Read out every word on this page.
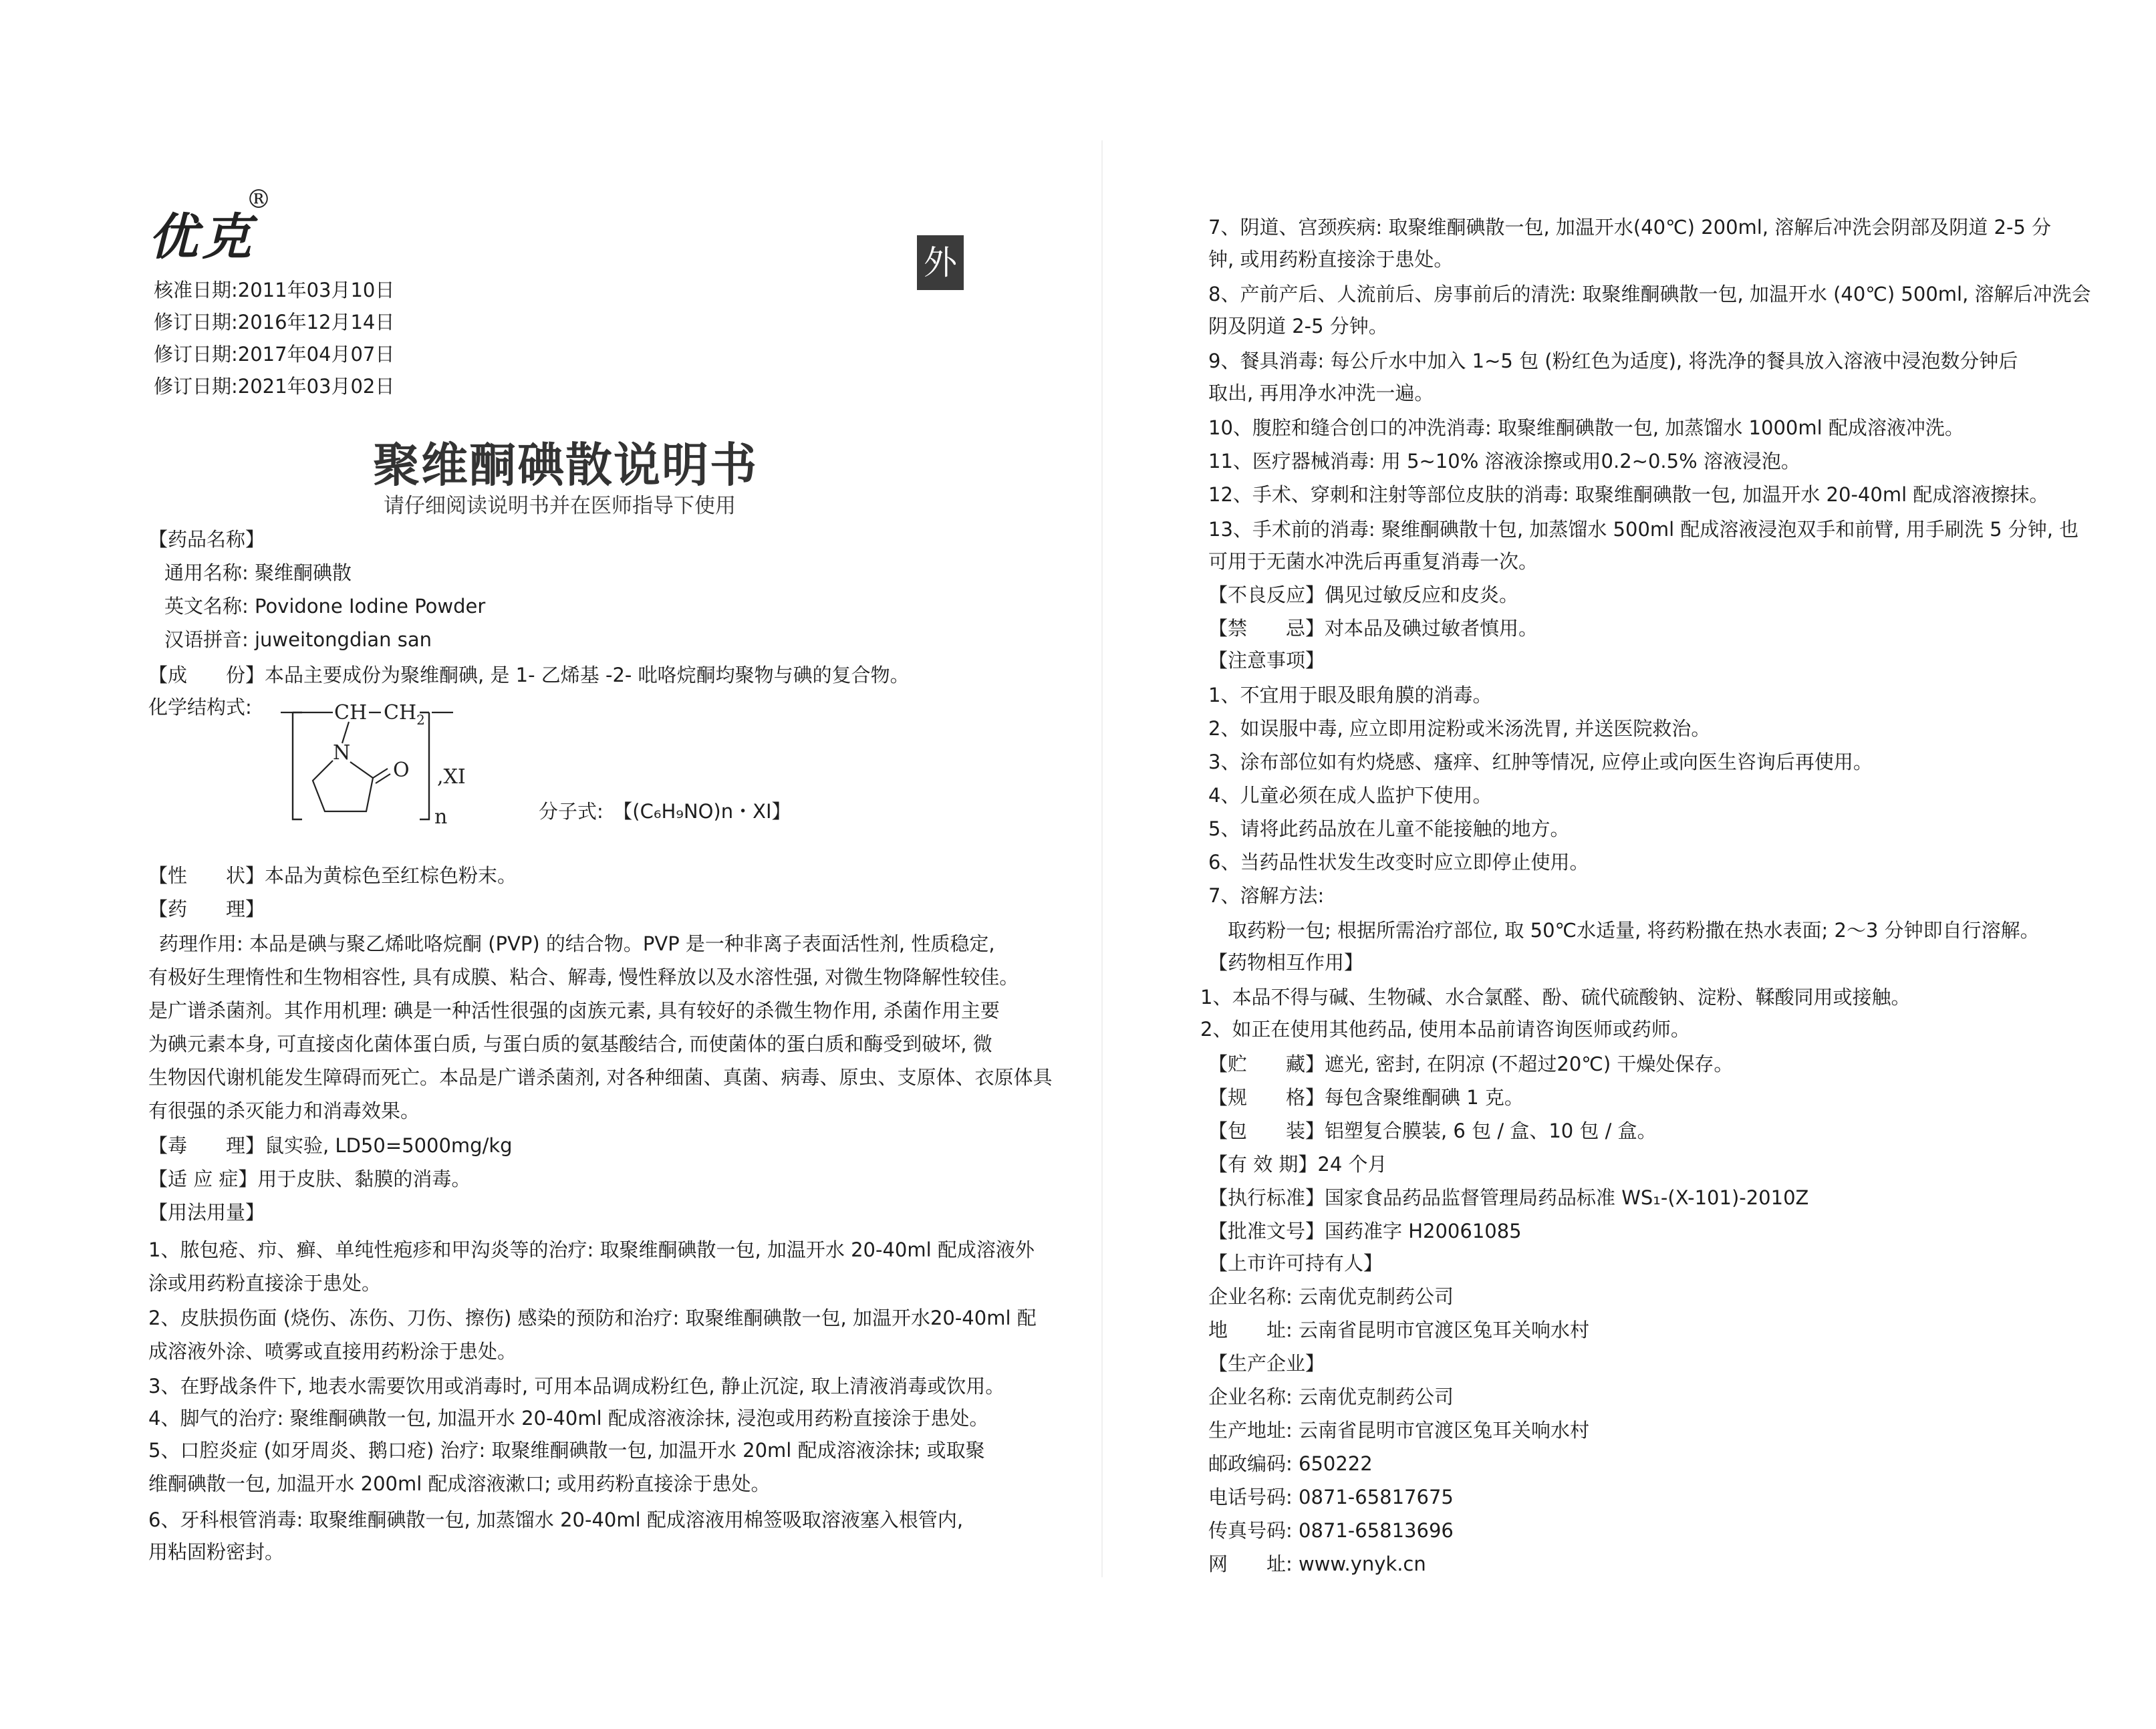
优克
®
外
核准日期:2011年03月10日
修订日期:2016年12月14日
修订日期:2017年04月07日
修订日期:2021年03月02日
聚维酮碘散说明书
请仔细阅读说明书并在医师指导下使用
【药品名称】
通用名称: 聚维酮碘散
英文名称: Povidone Iodine Powder
汉语拼音: juweitongdian san
【成　　份】本品主要成份为聚维酮碘, 是 1- 乙烯基 -2- 吡咯烷酮均聚物与碘的复合物。
化学结构式:	CH $CH_2$
N
O ,XI
n	分子式:　 【(C₆H₉NO)n・XI】
【性　　状】本品为黄棕色至红棕色粉末。
【药　　理】
药理作用: 本品是碘与聚乙烯吡咯烷酮 (PVP) 的结合物。PVP 是一种非离子表面活性剂, 性质稳定,
有极好生理惰性和生物相容性, 具有成膜、粘合、解毒, 慢性释放以及水溶性强, 对微生物降解性较佳。
是广谱杀菌剂。其作用机理: 碘是一种活性很强的卤族元素, 具有较好的杀微生物作用, 杀菌作用主要
为碘元素本身, 可直接卤化菌体蛋白质, 与蛋白质的氨基酸结合, 而使菌体的蛋白质和酶受到破坏, 微
生物因代谢机能发生障碍而死亡。本品是广谱杀菌剂, 对各种细菌、真菌、病毒、原虫、支原体、衣原体具
有很强的杀灭能力和消毒效果。
【毒　　理】鼠实验, LD50=5000mg/kg
【适 应 症】用于皮肤、黏膜的消毒。
【用法用量】
1、脓包疮、疖、癣、单纯性疱疹和甲沟炎等的治疗: 取聚维酮碘散一包, 加温开水 20-40ml 配成溶液外
涂或用药粉直接涂于患处。
2、皮肤损伤面 (烧伤、冻伤、刀伤、擦伤) 感染的预防和治疗: 取聚维酮碘散一包, 加温开水20-40ml 配
成溶液外涂、喷雾或直接用药粉涂于患处。
3、在野战条件下, 地表水需要饮用或消毒时, 可用本品调成粉红色, 静止沉淀, 取上清液消毒或饮用。
4、脚气的治疗: 聚维酮碘散一包, 加温开水 20-40ml 配成溶液涂抹, 浸泡或用药粉直接涂于患处。
5、口腔炎症 (如牙周炎、鹅口疮) 治疗: 取聚维酮碘散一包, 加温开水 20ml 配成溶液涂抹; 或取聚
维酮碘散一包, 加温开水 200ml 配成溶液漱口; 或用药粉直接涂于患处。
6、牙科根管消毒: 取聚维酮碘散一包, 加蒸馏水 20-40ml 配成溶液用棉签吸取溶液塞入根管内,
用粘固粉密封。
7、阴道、宫颈疾病: 取聚维酮碘散一包, 加温开水(40℃) 200ml, 溶解后冲洗会阴部及阴道 2-5 分
钟, 或用药粉直接涂于患处。
8、产前产后、人流前后、房事前后的清洗: 取聚维酮碘散一包, 加温开水 (40℃) 500ml, 溶解后冲洗会
阴及阴道 2-5 分钟。
9、餐具消毒: 每公斤水中加入 1~5 包 (粉红色为适度), 将洗净的餐具放入溶液中浸泡数分钟后
取出, 再用净水冲洗一遍。
10、腹腔和缝合创口的冲洗消毒: 取聚维酮碘散一包, 加蒸馏水 1000ml 配成溶液冲洗。
11、医疗器械消毒: 用 5~10% 溶液涂擦或用0.2~0.5% 溶液浸泡。
12、手术、穿刺和注射等部位皮肤的消毒: 取聚维酮碘散一包, 加温开水 20-40ml 配成溶液擦抹。
13、手术前的消毒: 聚维酮碘散十包, 加蒸馏水 500ml 配成溶液浸泡双手和前臂, 用手刷洗 5 分钟, 也
可用于无菌水冲洗后再重复消毒一次。
【不良反应】偶见过敏反应和皮炎。
【禁　　忌】对本品及碘过敏者慎用。
【注意事项】
1、不宜用于眼及眼角膜的消毒。
2、如误服中毒, 应立即用淀粉或米汤洗胃, 并送医院救治。
3、涂布部位如有灼烧感、瘙痒、红肿等情况, 应停止或向医生咨询后再使用。
4、儿童必须在成人监护下使用。
5、请将此药品放在儿童不能接触的地方。
6、当药品性状发生改变时应立即停止使用。
7、溶解方法:
　取药粉一包; 根据所需治疗部位, 取 50℃水适量, 将药粉撒在热水表面; 2～3 分钟即自行溶解。
【药物相互作用】
1、本品不得与碱、生物碱、水合氯醛、酚、硫代硫酸钠、淀粉、鞣酸同用或接触。
2、如正在使用其他药品, 使用本品前请咨询医师或药师。
【贮　　藏】遮光, 密封, 在阴凉 (不超过20℃) 干燥处保存。
【规　　格】每包含聚维酮碘 1 克。
【包　　装】铝塑复合膜装, 6 包 / 盒、10 包 / 盒。
【有 效 期】24 个月
【执行标准】国家食品药品监督管理局药品标准 WS₁-(X-101)-2010Z
【批准文号】国药准字 H20061085
【上市许可持有人】
企业名称: 云南优克制药公司
地　　址: 云南省昆明市官渡区兔耳关响水村
【生产企业】
企业名称: 云南优克制药公司
生产地址: 云南省昆明市官渡区兔耳关响水村
邮政编码: 650222
电话号码: 0871-65817675
传真号码: 0871-65813696
网　　址: www.ynyk.cn
